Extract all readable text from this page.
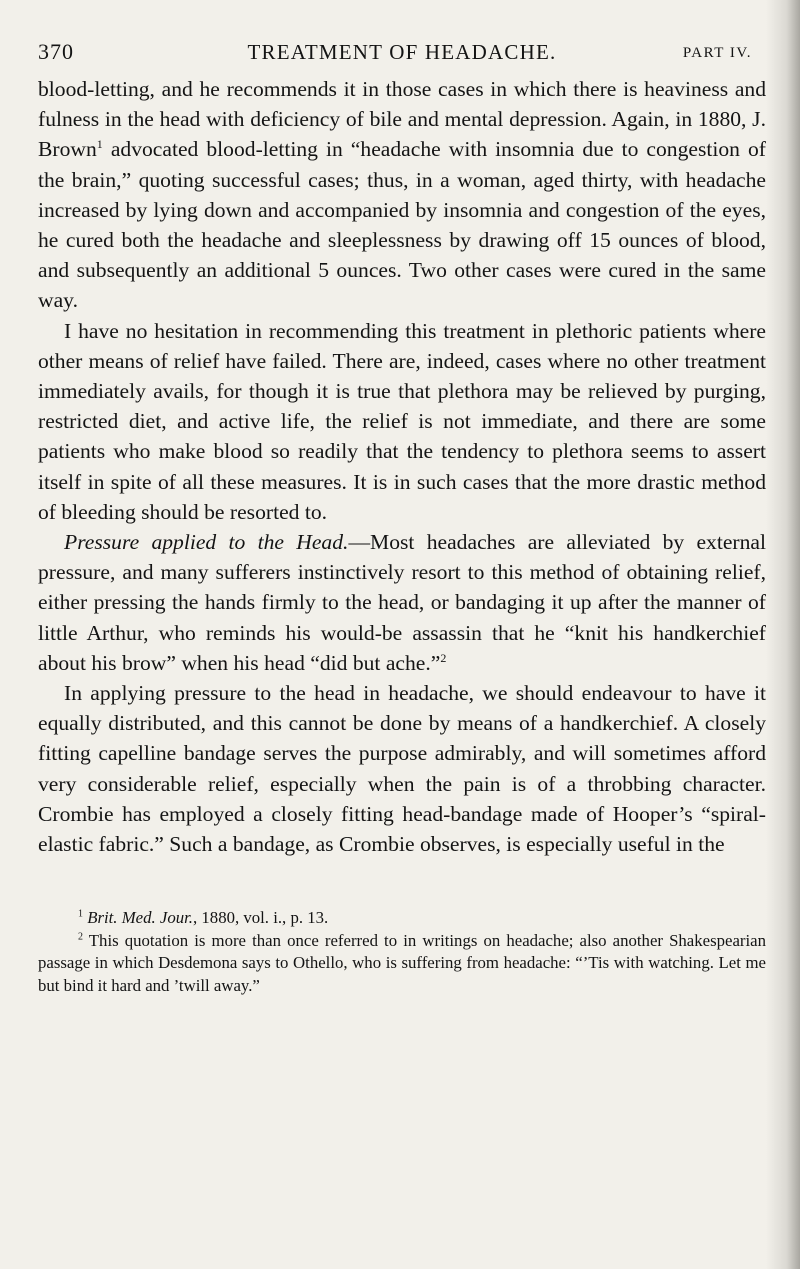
370	TREATMENT OF HEADACHE.	PART IV.

blood-letting, and he recommends it in those cases in which there is heaviness and fulness in the head with deficiency of bile and mental depression. Again, in 1880, J. Brown$^1$ advocated blood-letting in “headache with insomnia due to congestion of the brain,” quoting successful cases; thus, in a woman, aged thirty, with headache increased by lying down and accompanied by insomnia and congestion of the eyes, he cured both the headache and sleeplessness by drawing off 15 ounces of blood, and subsequently an additional 5 ounces. Two other cases were cured in the same way.

I have no hesitation in recommending this treatment in plethoric patients where other means of relief have failed. There are, indeed, cases where no other treatment immediately avails, for though it is true that plethora may be relieved by purging, restricted diet, and active life, the relief is not immediate, and there are some patients who make blood so readily that the tendency to plethora seems to assert itself in spite of all these measures. It is in such cases that the more drastic method of bleeding should be resorted to.

Pressure applied to the Head.—Most headaches are alleviated by external pressure, and many sufferers instinctively resort to this method of obtaining relief, either pressing the hands firmly to the head, or bandaging it up after the manner of little Arthur, who reminds his would-be assassin that he “knit his handkerchief about his brow” when his head “did but ache.”$^2$

In applying pressure to the head in headache, we should endeavour to have it equally distributed, and this cannot be done by means of a handkerchief. A closely fitting capelline bandage serves the purpose admirably, and will sometimes afford very considerable relief, especially when the pain is of a throbbing character. Crombie has employed a closely fitting head-bandage made of Hooper’s “spiral-elastic fabric.” Such a bandage, as Crombie observes, is especially useful in the

$^1$ Brit. Med. Jour., 1880, vol. i., p. 13.

$^2$ This quotation is more than once referred to in writings on headache; also another Shakespearian passage in which Desdemona says to Othello, who is suffering from headache: “’Tis with watching. Let me but bind it hard and ’twill away.”
